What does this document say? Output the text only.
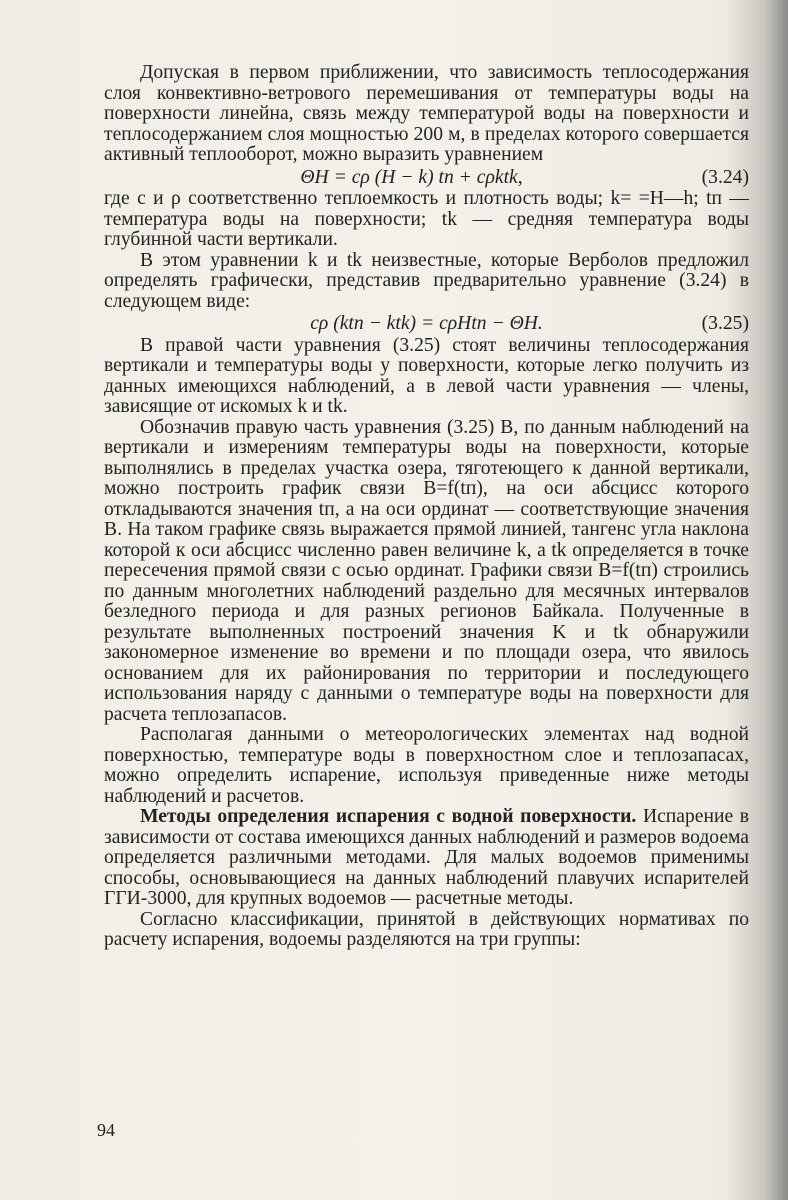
Допуская в первом приближении, что зависимость теплосодержания слоя конвективно-ветрового перемешивания от температуры воды на поверхности линейна, связь между температурой воды на поверхности и теплосодержанием слоя мощностью 200 м, в пределах которого совершается активный теплооборот, можно выразить уравнением

ΘH = cρ (H − k) tп + cρktk,	(3.24)

где c и ρ соответственно теплоемкость и плотность воды; k= =H—h; tп — температура воды на поверхности; tk — средняя температура воды глубинной части вертикали.

В этом уравнении k и tk неизвестные, которые Верболов предложил определять графически, представив предварительно уравнение (3.24) в следующем виде:

cρ (ktп − ktk) = cρHtп − ΘH.	(3.25)

В правой части уравнения (3.25) стоят величины теплосодержания вертикали и температуры воды у поверхности, которые легко получить из данных имеющихся наблюдений, а в левой части уравнения — члены, зависящие от искомых k и tk.

Обозначив правую часть уравнения (3.25) B, по данным наблюдений на вертикали и измерениям температуры воды на поверхности, которые выполнялись в пределах участка озера, тяготеющего к данной вертикали, можно построить график связи B=f(tп), на оси абсцисс которого откладываются значения tп, а на оси ординат — соответствующие значения B. На таком графике связь выражается прямой линией, тангенс угла наклона которой к оси абсцисс численно равен величине k, а tk определяется в точке пересечения прямой связи с осью ординат. Графики связи B=f(tп) строились по данным многолетних наблюдений раздельно для месячных интервалов безледного периода и для разных регионов Байкала. Полученные в результате выполненных построений значения K и tk обнаружили закономерное изменение во времени и по площади озера, что явилось основанием для их районирования по территории и последующего использования наряду с данными о температуре воды на поверхности для расчета теплозапасов.

Располагая данными о метеорологических элементах над водной поверхностью, температуре воды в поверхностном слое и теплозапасах, можно определить испарение, используя приведенные ниже методы наблюдений и расчетов.

Методы определения испарения с водной поверхности. Испарение в зависимости от состава имеющихся данных наблюдений и размеров водоема определяется различными методами. Для малых водоемов применимы способы, основывающиеся на данных наблюдений плавучих испарителей ГГИ-3000, для крупных водоемов — расчетные методы.

Согласно классификации, принятой в действующих нормативах по расчету испарения, водоемы разделяются на три группы:

94
